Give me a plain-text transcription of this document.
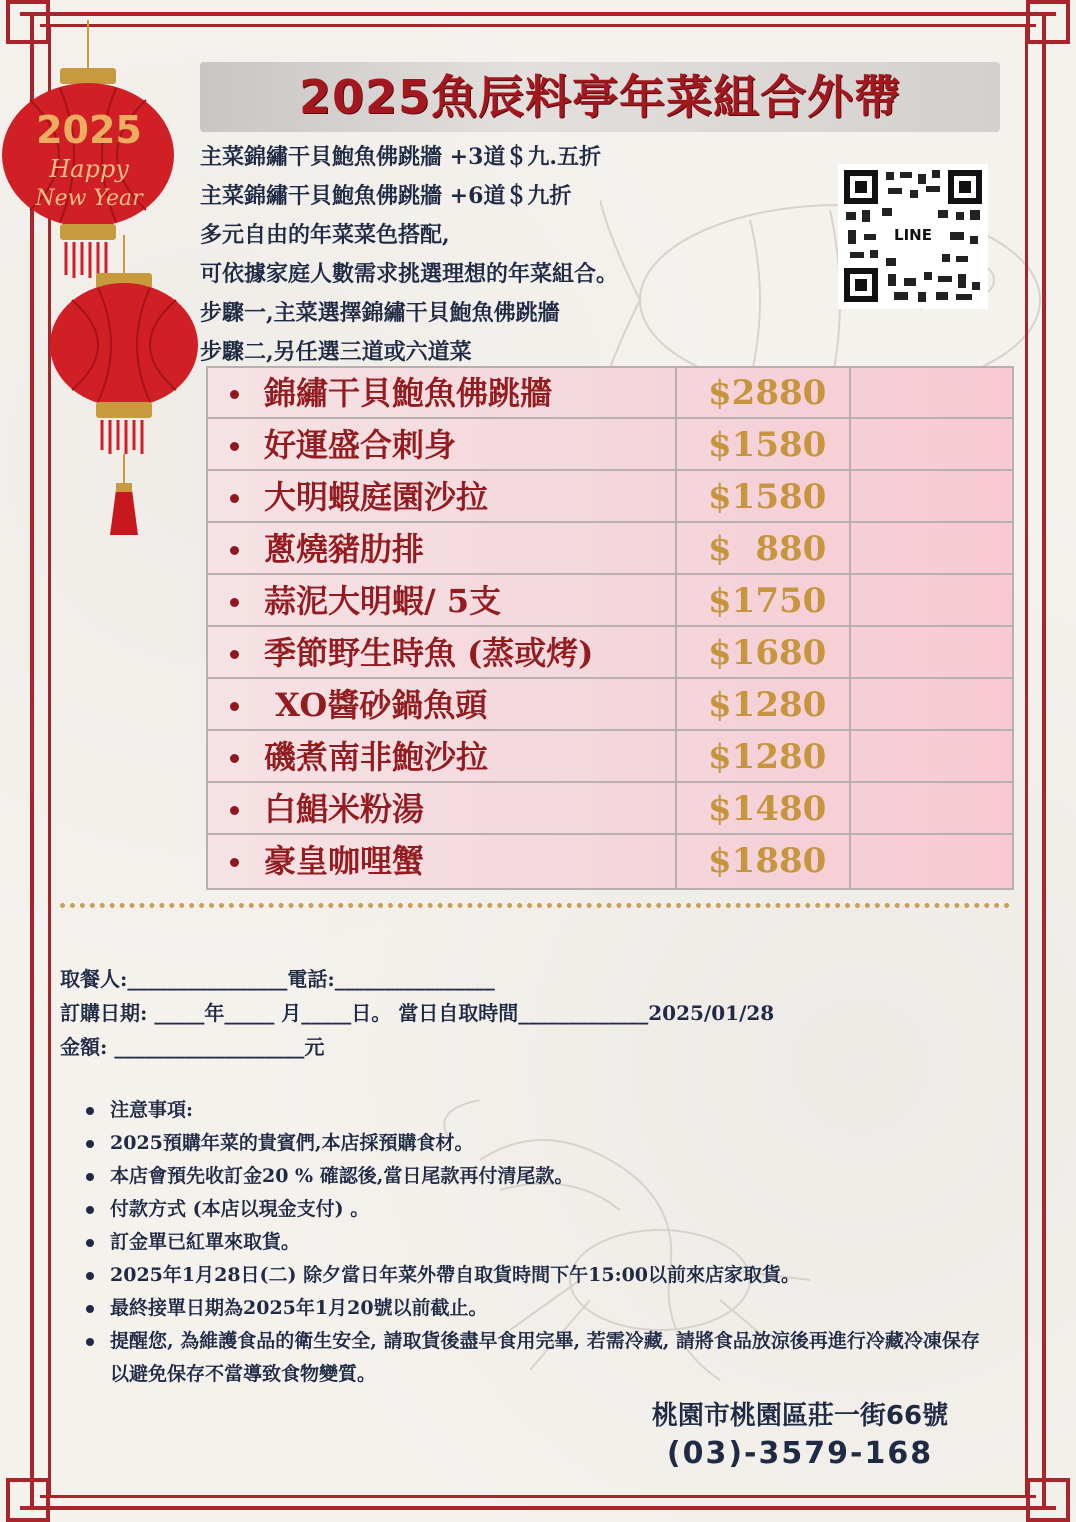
2025
Happy
New Year
2025魚辰料亭年菜組合外帶
主菜錦繡干貝鮑魚佛跳牆 +3道＄九.五折
主菜錦繡干貝鮑魚佛跳牆 +6道＄九折
多元自由的年菜菜色搭配,
可依據家庭人數需求挑選理想的年菜組合。
步驟一,主菜選擇錦繡干貝鮑魚佛跳牆
步驟二,另任選三道或六道菜
LINE
錦繡干貝鮑魚佛跳牆	$2880
好運盛合刺身	$1580
大明蝦庭園沙拉	$1580
蔥燒豬肋排	$  880
蒜泥大明蝦/ 5支	$1750
季節野生時魚 (蒸或烤)	$1680
XO醬砂鍋魚頭	$1280
磯煮南非鮑沙拉	$1280
白鯧米粉湯	$1480
豪皇咖哩蟹	$1880
取餐人:________________電話:________________
訂購日期: _____年_____ 月_____日。 當日自取時間_____________2025/01/28
金額: ___________________元
注意事項:
2025預購年菜的貴賓們,本店採預購食材。
本店會預先收訂金20 % 確認後,當日尾款再付清尾款。
付款方式 (本店以現金支付) 。
訂金單已紅單來取貨。
2025年1月28日(二) 除夕當日年菜外帶自取貨時間下午15:00以前來店家取貨。
最終接單日期為2025年1月20號以前截止。
提醒您, 為維護食品的衛生安全, 請取貨後盡早食用完畢, 若需冷藏, 請將食品放涼後再進行冷藏冷凍保存以避免保存不當導致食物變質。
桃園市桃園區莊一街66號
(03)-3579-168
